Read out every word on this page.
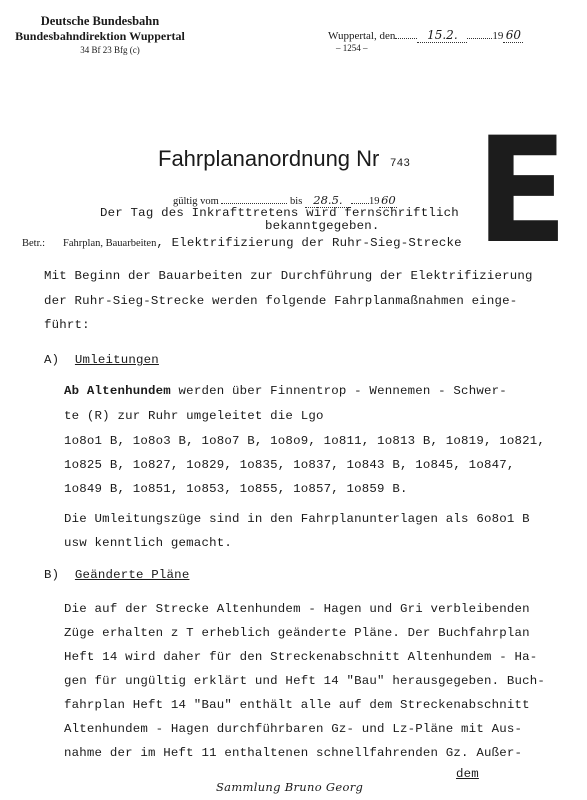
Deutsche Bundesbahn
Bundesbahndirektion Wuppertal
34 Bf 23 Bfg (c)
Wuppertal, den	15.2.	19 60
– 1254 –
E
Fahrplananordnung Nr 743
gültig vom	bis 28.5.	19 60
Der Tag des Inkrafttretens wird fernschriftlich
bekanntgegeben.
Betr.: Fahrplan, Bauarbeiten, Elektrifizierung der Ruhr-Sieg-Strecke
Mit Beginn der Bauarbeiten zur Durchführung der Elektrifizierung
der Ruhr-Sieg-Strecke werden folgende Fahrplanmaßnahmen einge-
führt:
A) Umleitungen
Ab Altenhundem werden über Finnentrop - Wennemen - Schwer-
te (R) zur Ruhr umgeleitet die Lgo
1o8o1 B, 1o8o3 B, 1o8o7 B, 1o8o9, 1o811, 1o813 B, 1o819, 1o821,
1o825 B, 1o827, 1o829, 1o835, 1o837, 1o843 B, 1o845, 1o847,
1o849 B, 1o851, 1o853, 1o855, 1o857, 1o859 B.
Die Umleitungszüge sind in den Fahrplanunterlagen als 6o8o1 B
usw kenntlich gemacht.
B) Geänderte Pläne
Die auf der Strecke Altenhundem - Hagen und Gri verbleibenden
Züge erhalten z T erheblich geänderte Pläne. Der Buchfahrplan
Heft 14 wird daher für den Streckenabschnitt Altenhundem - Ha-
gen für ungültig erklärt und Heft 14 "Bau" herausgegeben. Buch-
fahrplan Heft 14 "Bau" enthält alle auf dem Streckenabschnitt
Altenhundem - Hagen durchführbaren Gz- und Lz-Pläne mit Aus-
nahme der im Heft 11 enthaltenen schnellfahrenden Gz. Außer-
dem
Sammlung Bruno Georg
